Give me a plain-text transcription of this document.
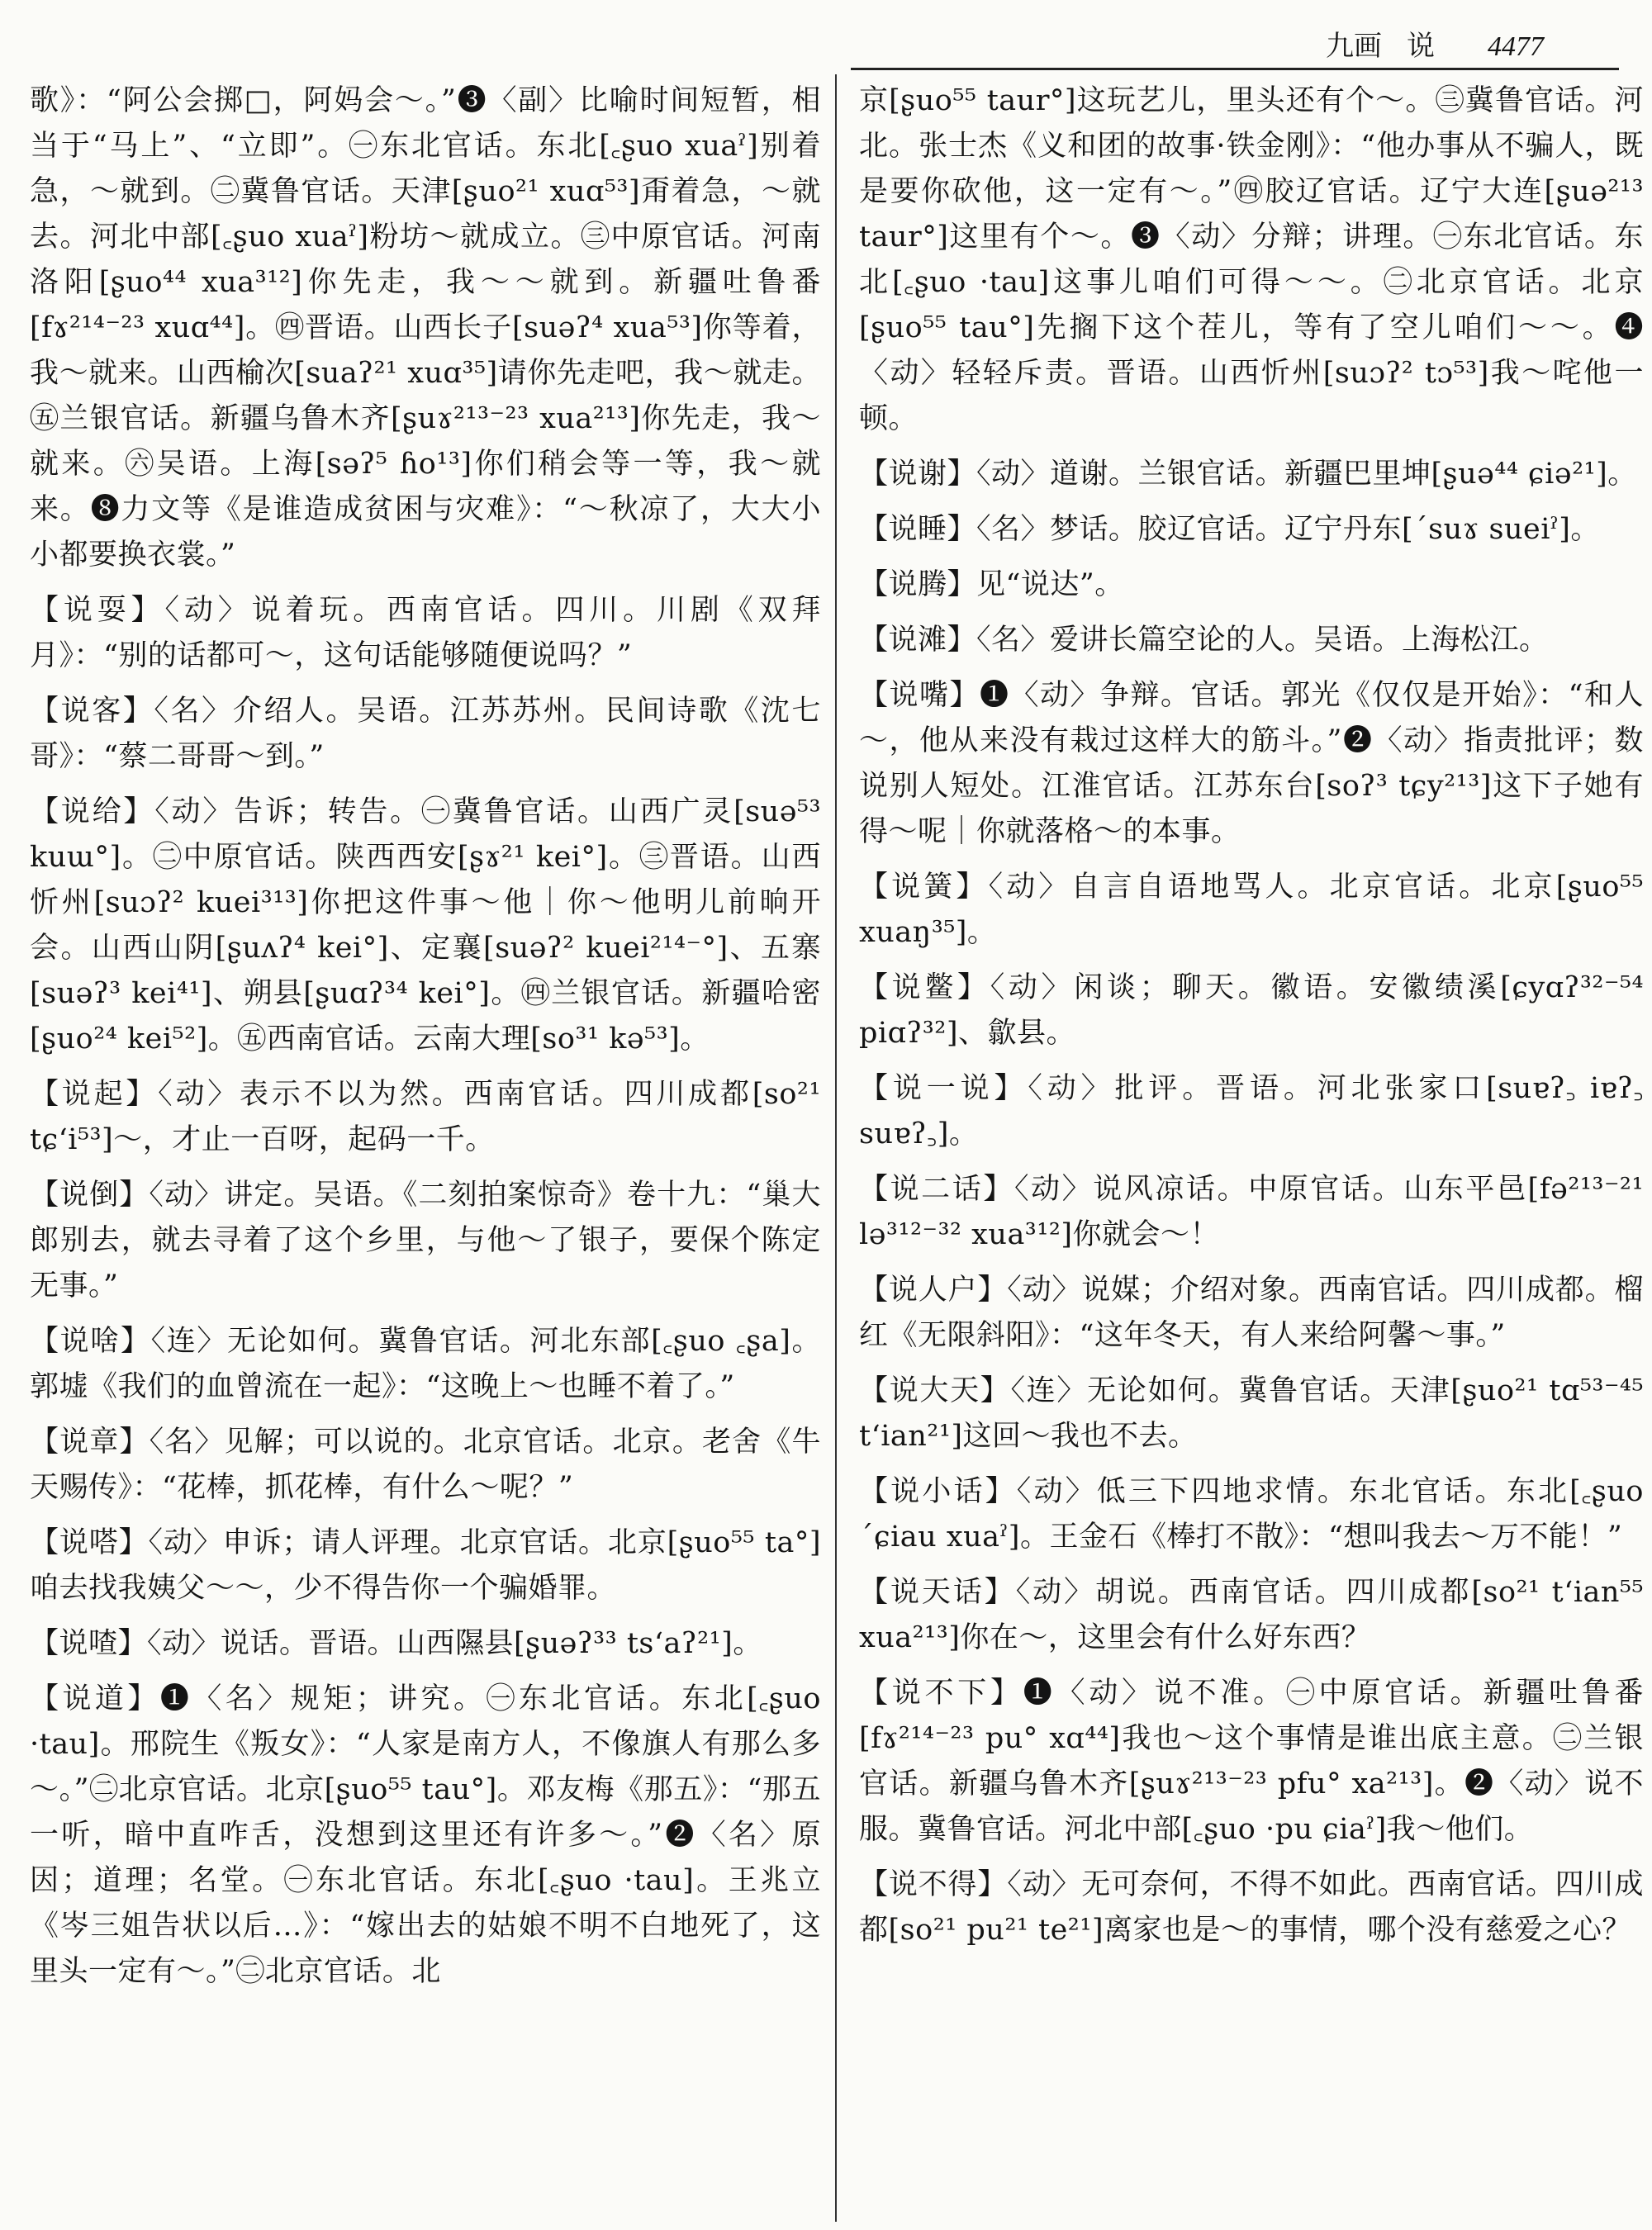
九画 说 4477

歌》：“阿公会掷□，阿妈会～。”❸〈副〉比喻时间短暂，相当于“马上”、“立即”。㊀东北官话。东北[꜀ʂuo xuaˀ]别着急，～就到。㊁冀鲁官话。天津[ʂuo²¹ xuɑ⁵³]甭着急，～就去。河北中部[꜀ʂuo xuaˀ]粉坊～就成立。㊂中原官话。河南洛阳[ʂuo⁴⁴ xua³¹²]你先走，我～～就到。新疆吐鲁番[fɤ²¹⁴⁻²³ xuɑ⁴⁴]。㊃晋语。山西长子[suəʔ⁴ xua⁵³]你等着，我～就来。山西榆次[suaʔ²¹ xuɑ³⁵]请你先走吧，我～就走。㊄兰银官话。新疆乌鲁木齐[ʂuɤ²¹³⁻²³ xua²¹³]你先走，我～就来。㊅吴语。上海[səʔ⁵ ɦo¹³]你们稍会等一等，我～就来。❽力文等《是谁造成贫困与灾难》：“～秋凉了，大大小小都要换衣裳。”

【说耍】〈动〉说着玩。西南官话。四川。川剧《双拜月》：“别的话都可～，这句话能够随便说吗？”

【说客】〈名〉介绍人。吴语。江苏苏州。民间诗歌《沈七哥》：“蔡二哥哥～到。”

【说给】〈动〉告诉；转告。㊀冀鲁官话。山西广灵[suə⁵³ kuɯ°]。㊁中原官话。陕西西安[ʂɤ²¹ kei°]。㊂晋语。山西忻州[suɔʔ² kuei³¹³]你把这件事～他｜你～他明儿前晌开会。山西山阴[ʂuʌʔ⁴ kei°]、定襄[suəʔ² kuei²¹⁴⁻°]、五寨[suəʔ³ kei⁴¹]、朔县[ʂuɑʔ³⁴ kei°]。㊃兰银官话。新疆哈密[ʂuo²⁴ kei⁵²]。㊄西南官话。云南大理[so³¹ kə⁵³]。

【说起】〈动〉表示不以为然。西南官话。四川成都[so²¹ tɕʻi⁵³]～，才止一百呀，起码一千。

【说倒】〈动〉讲定。吴语。《二刻拍案惊奇》卷十九：“巢大郎别去，就去寻着了这个乡里，与他～了银子，要保个陈定无事。”

【说啥】〈连〉无论如何。冀鲁官话。河北东部[꜀ʂuo ꜀ʂa]。郭墟《我们的血曾流在一起》：“这晚上～也睡不着了。”

【说章】〈名〉见解；可以说的。北京官话。北京。老舍《牛天赐传》：“花棒，抓花棒，有什么～呢？”

【说嗒】〈动〉申诉；请人评理。北京官话。北京[ʂuo⁵⁵ ta°]咱去找我姨父～～，少不得告你一个骗婚罪。

【说喳】〈动〉说话。晋语。山西隰县[ʂuəʔ³³ tsʻaʔ²¹]。

【说道】❶〈名〉规矩；讲究。㊀东北官话。东北[꜀ʂuo ·tau]。邢院生《叛女》：“人家是南方人，不像旗人有那么多～。”㊁北京官话。北京[ʂuo⁵⁵ tau°]。邓友梅《那五》：“那五一听，暗中直咋舌，没想到这里还有许多～。”❷〈名〉原因；道理；名堂。㊀东北官话。东北[꜀ʂuo ·tau]。王兆立《岑三姐告状以后…》：“嫁出去的姑娘不明不白地死了，这里头一定有～。”㊁北京官话。北

京[ʂuo⁵⁵ taur°]这玩艺儿，里头还有个～。㊂冀鲁官话。河北。张士杰《义和团的故事·铁金刚》：“他办事从不骗人，既是要你砍他，这一定有～。”㊃胶辽官话。辽宁大连[ʂuə²¹³ taur°]这里有个～。❸〈动〉分辩；讲理。㊀东北官话。东北[꜀ʂuo ·tau]这事儿咱们可得～～。㊁北京官话。北京[ʂuo⁵⁵ tau°]先搁下这个茬儿，等有了空儿咱们～～。❹〈动〉轻轻斥责。晋语。山西忻州[suɔʔ² tɔ⁵³]我～咤他一顿。

【说谢】〈动〉道谢。兰银官话。新疆巴里坤[ʂuə⁴⁴ ɕiə²¹]。

【说睡】〈名〉梦话。胶辽官话。辽宁丹东[ˊsuɤ sueiˀ]。

【说腾】见“说达”。

【说滩】〈名〉爱讲长篇空论的人。吴语。上海松江。

【说嘴】❶〈动〉争辩。官话。郭光《仅仅是开始》：“和人～，他从来没有栽过这样大的筋斗。”❷〈动〉指责批评；数说别人短处。江淮官话。江苏东台[soʔ³ tɕy²¹³]这下子她有得～呢｜你就落格～的本事。

【说簧】〈动〉自言自语地骂人。北京官话。北京[ʂuo⁵⁵ xuaŋ³⁵]。

【说鳖】〈动〉闲谈；聊天。徽语。安徽绩溪[ɕyɑʔ³²⁻⁵⁴ piɑʔ³²]、歙县。

【说一说】〈动〉批评。晋语。河北张家口[suɐʔ꜆ iɐʔ꜆ suɐʔ꜆]。

【说二话】〈动〉说风凉话。中原官话。山东平邑[fə²¹³⁻²¹ lə³¹²⁻³² xua³¹²]你就会～！

【说人户】〈动〉说媒；介绍对象。西南官话。四川成都。榴红《无限斜阳》：“这年冬天，有人来给阿馨～事。”

【说大天】〈连〉无论如何。冀鲁官话。天津[ʂuo²¹ tɑ⁵³⁻⁴⁵ tʻian²¹]这回～我也不去。

【说小话】〈动〉低三下四地求情。东北官话。东北[꜀ʂuo ˊɕiau xuaˀ]。王金石《棒打不散》：“想叫我去～万不能！”

【说天话】〈动〉胡说。西南官话。四川成都[so²¹ tʻian⁵⁵ xua²¹³]你在～，这里会有什么好东西？

【说不下】❶〈动〉说不准。㊀中原官话。新疆吐鲁番[fɤ²¹⁴⁻²³ pu° xɑ⁴⁴]我也～这个事情是谁出底主意。㊁兰银官话。新疆乌鲁木齐[ʂuɤ²¹³⁻²³ pfu° xa²¹³]。❷〈动〉说不服。冀鲁官话。河北中部[꜀ʂuo ·pu ɕiaˀ]我～他们。

【说不得】〈动〉无可奈何，不得不如此。西南官话。四川成都[so²¹ pu²¹ te²¹]离家也是～的事情，哪个没有慈爱之心？
